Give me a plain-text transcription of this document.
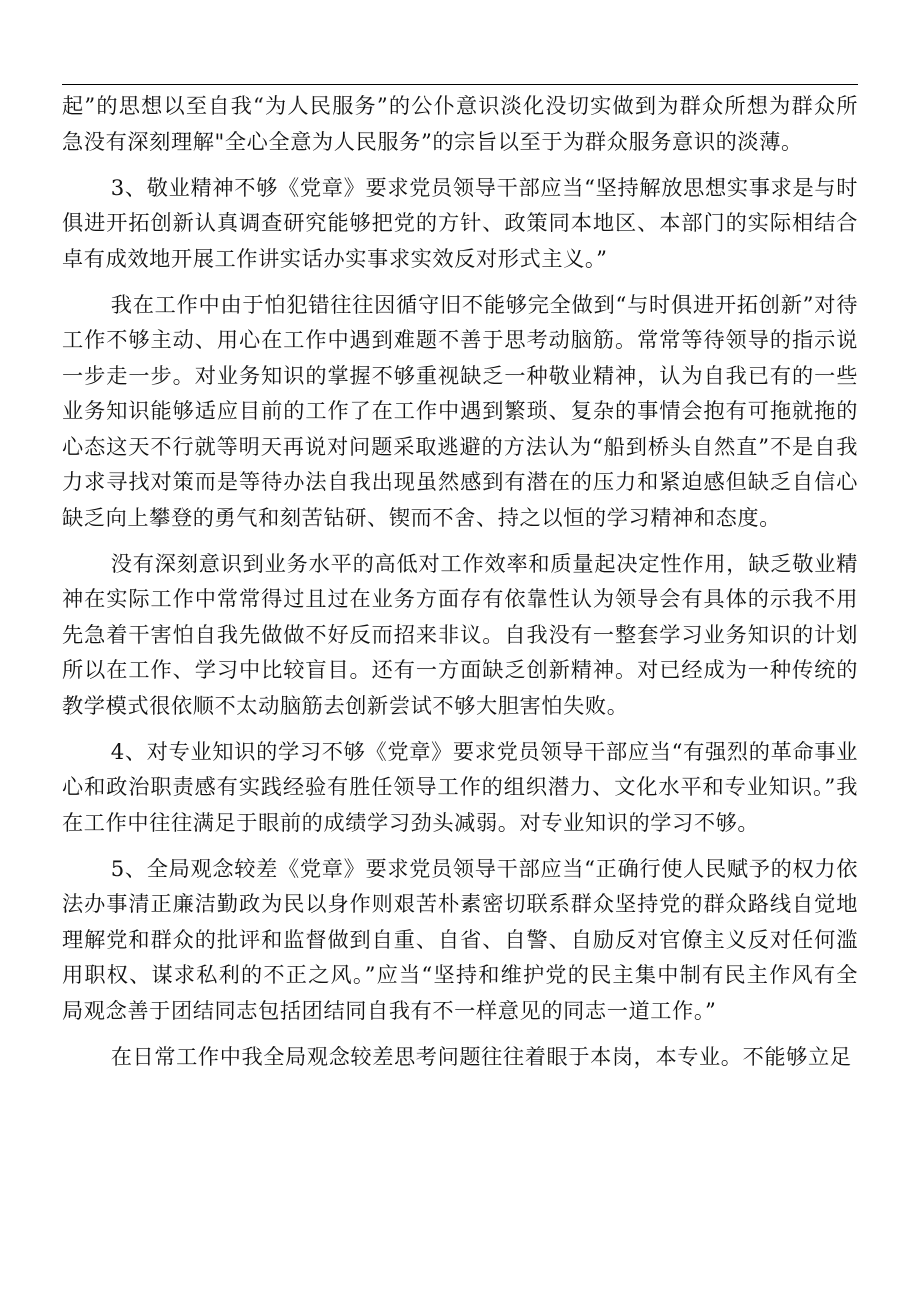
起”的思想以至自我“为人民服务”的公仆意识淡化没切实做到为群众所想为群众所急没有深刻理解"全心全意为人民服务”的宗旨以至于为群众服务意识的淡薄。

3、敬业精神不够《党章》要求党员领导干部应当“坚持解放思想实事求是与时俱进开拓创新认真调查研究能够把党的方针、政策同本地区、本部门的实际相结合卓有成效地开展工作讲实话办实事求实效反对形式主义。”

我在工作中由于怕犯错往往因循守旧不能够完全做到“与时俱进开拓创新”对待工作不够主动、用心在工作中遇到难题不善于思考动脑筋。常常等待领导的指示说一步走一步。对业务知识的掌握不够重视缺乏一种敬业精神，认为自我已有的一些业务知识能够适应目前的工作了在工作中遇到繁琐、复杂的事情会抱有可拖就拖的心态这天不行就等明天再说对问题采取逃避的方法认为“船到桥头自然直”不是自我力求寻找对策而是等待办法自我出现虽然感到有潜在的压力和紧迫感但缺乏自信心缺乏向上攀登的勇气和刻苦钻研、锲而不舍、持之以恒的学习精神和态度。

没有深刻意识到业务水平的高低对工作效率和质量起决定性作用，缺乏敬业精神在实际工作中常常得过且过在业务方面存有依靠性认为领导会有具体的示我不用先急着干害怕自我先做做不好反而招来非议。自我没有一整套学习业务知识的计划所以在工作、学习中比较盲目。还有一方面缺乏创新精神。对已经成为一种传统的教学模式很依顺不太动脑筋去创新尝试不够大胆害怕失败。

4、对专业知识的学习不够《党章》要求党员领导干部应当“有强烈的革命事业心和政治职责感有实践经验有胜任领导工作的组织潜力、文化水平和专业知识。”我在工作中往往满足于眼前的成绩学习劲头减弱。对专业知识的学习不够。

5、全局观念较差《党章》要求党员领导干部应当“正确行使人民赋予的权力依法办事清正廉洁勤政为民以身作则艰苦朴素密切联系群众坚持党的群众路线自觉地理解党和群众的批评和监督做到自重、自省、自警、自励反对官僚主义反对任何滥用职权、谋求私利的不正之风。”应当“坚持和维护党的民主集中制有民主作风有全局观念善于团结同志包括团结同自我有不一样意见的同志一道工作。”

在日常工作中我全局观念较差思考问题往往着眼于本岗，本专业。不能够立足
